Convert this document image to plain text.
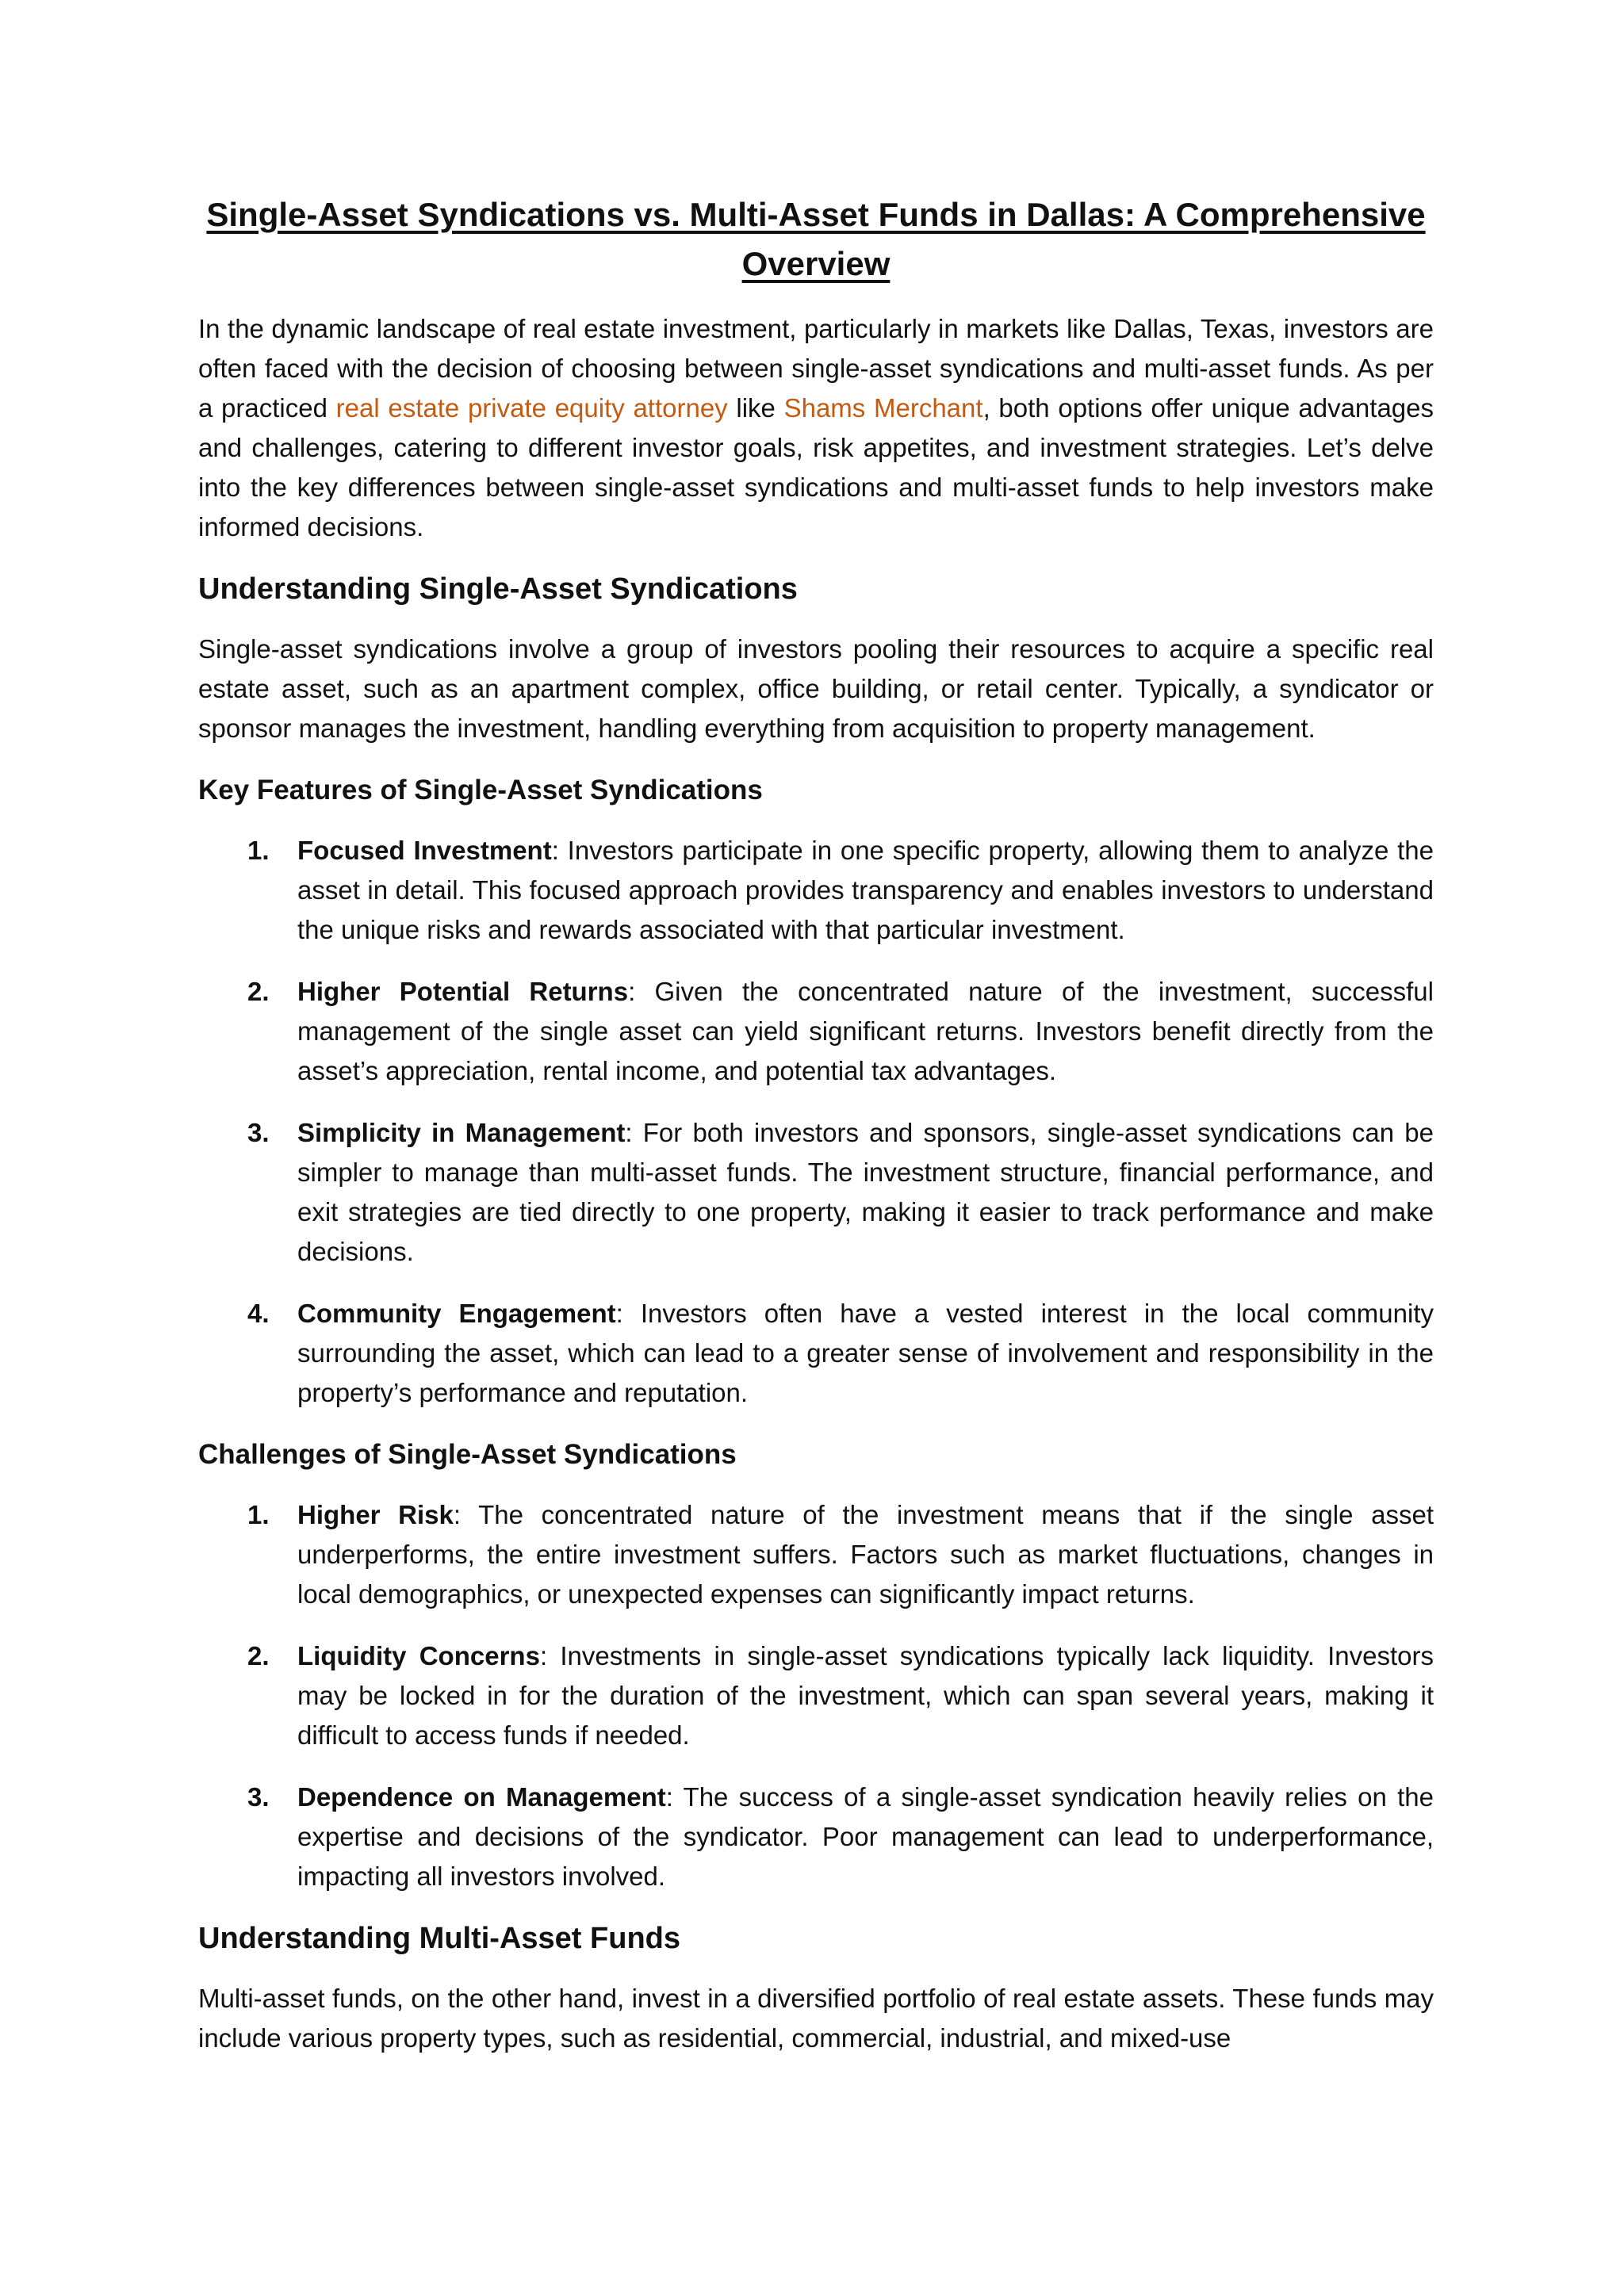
Single-Asset Syndications vs. Multi-Asset Funds in Dallas: A Comprehensive Overview

In the dynamic landscape of real estate investment, particularly in markets like Dallas, Texas, investors are often faced with the decision of choosing between single-asset syndications and multi-asset funds. As per a practiced real estate private equity attorney like Shams Merchant, both options offer unique advantages and challenges, catering to different investor goals, risk appetites, and investment strategies. Let’s delve into the key differences between single-asset syndications and multi-asset funds to help investors make informed decisions.

Understanding Single-Asset Syndications

Single-asset syndications involve a group of investors pooling their resources to acquire a specific real estate asset, such as an apartment complex, office building, or retail center. Typically, a syndicator or sponsor manages the investment, handling everything from acquisition to property management.

Key Features of Single-Asset Syndications
1. Focused Investment: Investors participate in one specific property, allowing them to analyze the asset in detail. This focused approach provides transparency and enables investors to understand the unique risks and rewards associated with that particular investment.
2. Higher Potential Returns: Given the concentrated nature of the investment, successful management of the single asset can yield significant returns. Investors benefit directly from the asset’s appreciation, rental income, and potential tax advantages.
3. Simplicity in Management: For both investors and sponsors, single-asset syndications can be simpler to manage than multi-asset funds. The investment structure, financial performance, and exit strategies are tied directly to one property, making it easier to track performance and make decisions.
4. Community Engagement: Investors often have a vested interest in the local community surrounding the asset, which can lead to a greater sense of involvement and responsibility in the property’s performance and reputation.
Challenges of Single-Asset Syndications
1. Higher Risk: The concentrated nature of the investment means that if the single asset underperforms, the entire investment suffers. Factors such as market fluctuations, changes in local demographics, or unexpected expenses can significantly impact returns.
2. Liquidity Concerns: Investments in single-asset syndications typically lack liquidity. Investors may be locked in for the duration of the investment, which can span several years, making it difficult to access funds if needed.
3. Dependence on Management: The success of a single-asset syndication heavily relies on the expertise and decisions of the syndicator. Poor management can lead to underperformance, impacting all investors involved.
Understanding Multi-Asset Funds

Multi-asset funds, on the other hand, invest in a diversified portfolio of real estate assets. These funds may include various property types, such as residential, commercial, industrial, and mixed-use
